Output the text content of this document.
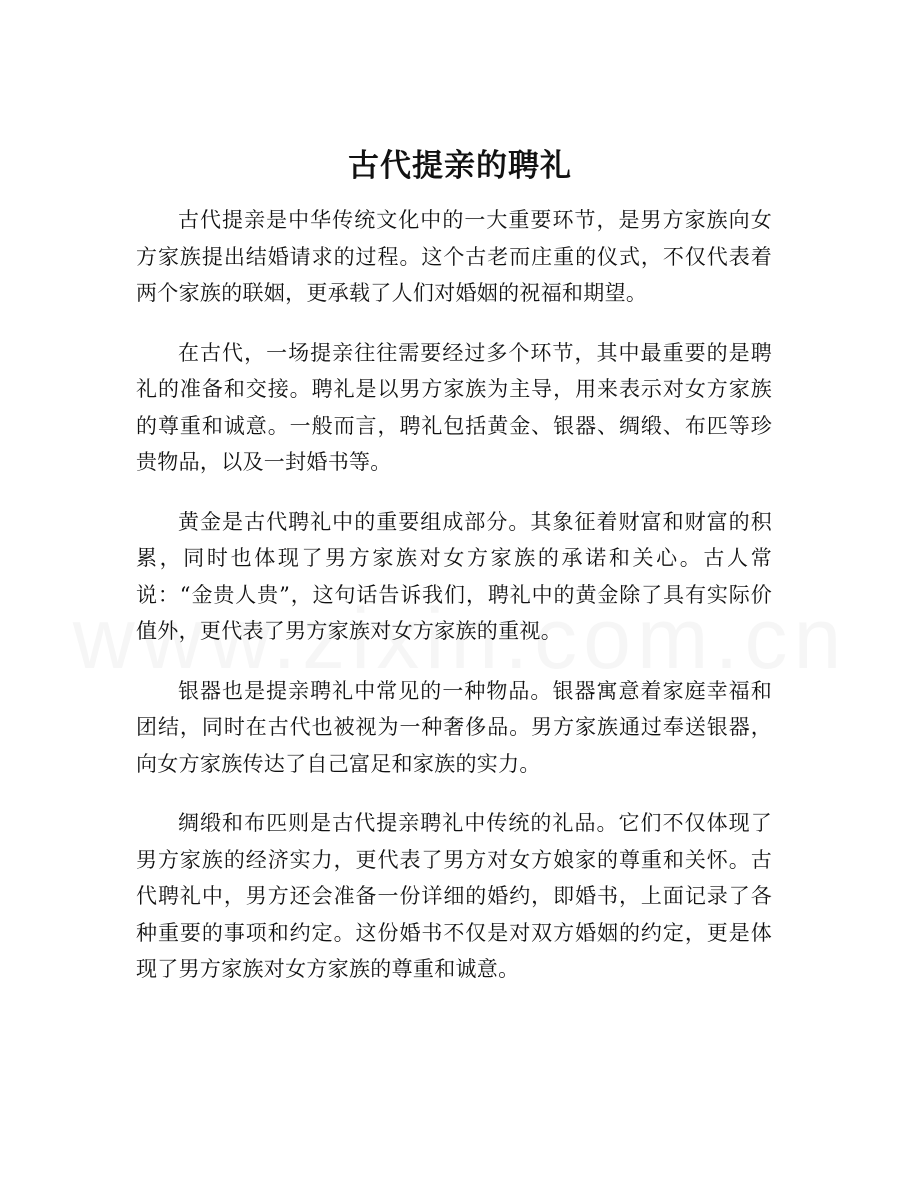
古代提亲的聘礼

古代提亲是中华传统文化中的一大重要环节，是男方家族向女方家族提出结婚请求的过程。这个古老而庄重的仪式，不仅代表着两个家族的联姻，更承载了人们对婚姻的祝福和期望。

在古代，一场提亲往往需要经过多个环节，其中最重要的是聘礼的准备和交接。聘礼是以男方家族为主导，用来表示对女方家族的尊重和诚意。一般而言，聘礼包括黄金、银器、绸缎、布匹等珍贵物品，以及一封婚书等。

黄金是古代聘礼中的重要组成部分。其象征着财富和财富的积累，同时也体现了男方家族对女方家族的承诺和关心。古人常说：“金贵人贵”，这句话告诉我们，聘礼中的黄金除了具有实际价值外，更代表了男方家族对女方家族的重视。

银器也是提亲聘礼中常见的一种物品。银器寓意着家庭幸福和团结，同时在古代也被视为一种奢侈品。男方家族通过奉送银器，向女方家族传达了自己富足和家族的实力。

绸缎和布匹则是古代提亲聘礼中传统的礼品。它们不仅体现了男方家族的经济实力，更代表了男方对女方娘家的尊重和关怀。古代聘礼中，男方还会准备一份详细的婚约，即婚书，上面记录了各种重要的事项和约定。这份婚书不仅是对双方婚姻的约定，更是体现了男方家族对女方家族的尊重和诚意。
